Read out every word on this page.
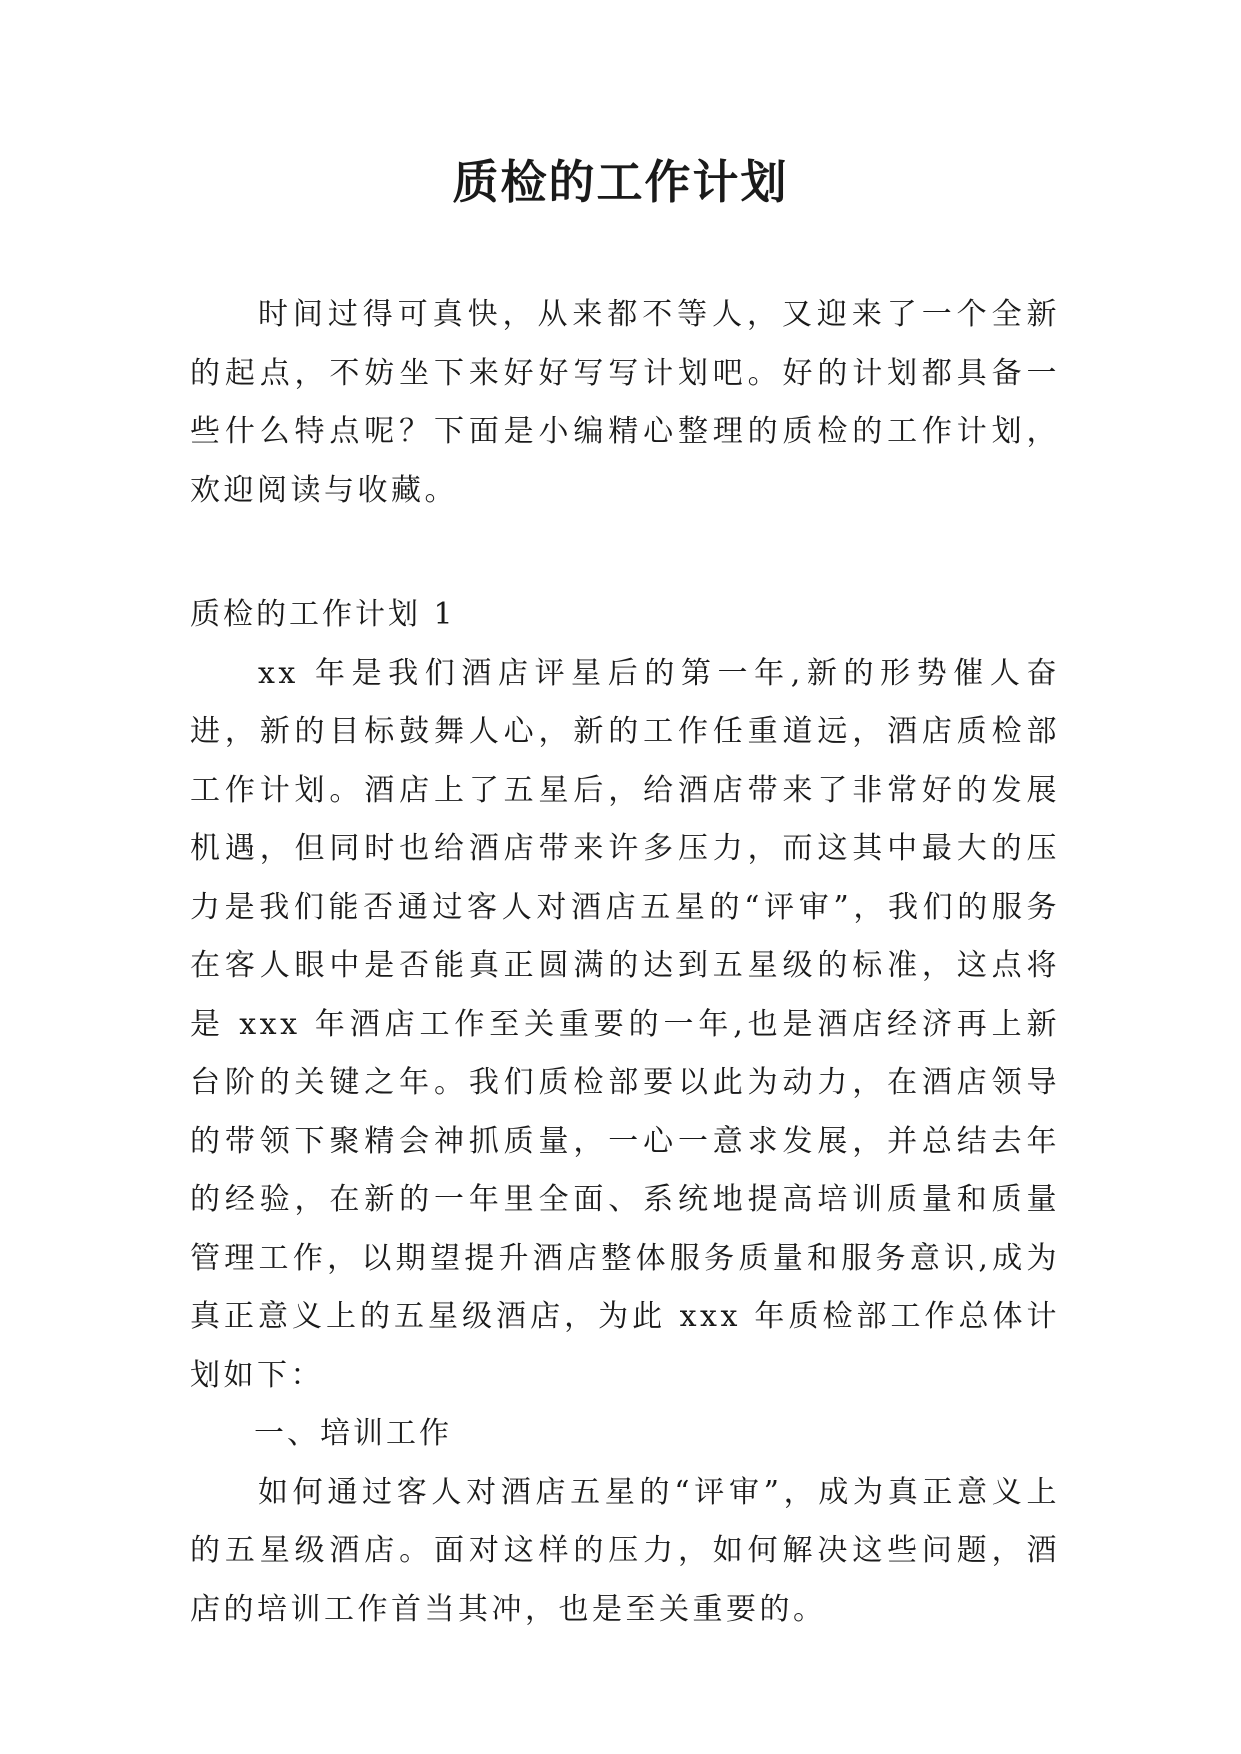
质检的工作计划

时间过得可真快，从来都不等人，又迎来了一个全新的起点，不妨坐下来好好写写计划吧。好的计划都具备一些什么特点呢？下面是小编精心整理的质检的工作计划，欢迎阅读与收藏。

质检的工作计划 1

xx 年是我们酒店评星后的第一年,新的形势催人奋进，新的目标鼓舞人心，新的工作任重道远，酒店质检部工作计划。酒店上了五星后，给酒店带来了非常好的发展机遇，但同时也给酒店带来许多压力，而这其中最大的压力是我们能否通过客人对酒店五星的“评审”，我们的服务在客人眼中是否能真正圆满的达到五星级的标准，这点将是 xxx 年酒店工作至关重要的一年,也是酒店经济再上新台阶的关键之年。我们质检部要以此为动力，在酒店领导的带领下聚精会神抓质量，一心一意求发展，并总结去年的经验，在新的一年里全面、系统地提高培训质量和质量管理工作，以期望提升酒店整体服务质量和服务意识,成为真正意义上的五星级酒店，为此 xxx 年质检部工作总体计划如下：

一、培训工作

如何通过客人对酒店五星的“评审”，成为真正意义上的五星级酒店。面对这样的压力，如何解决这些问题，酒店的培训工作首当其冲，也是至关重要的。
